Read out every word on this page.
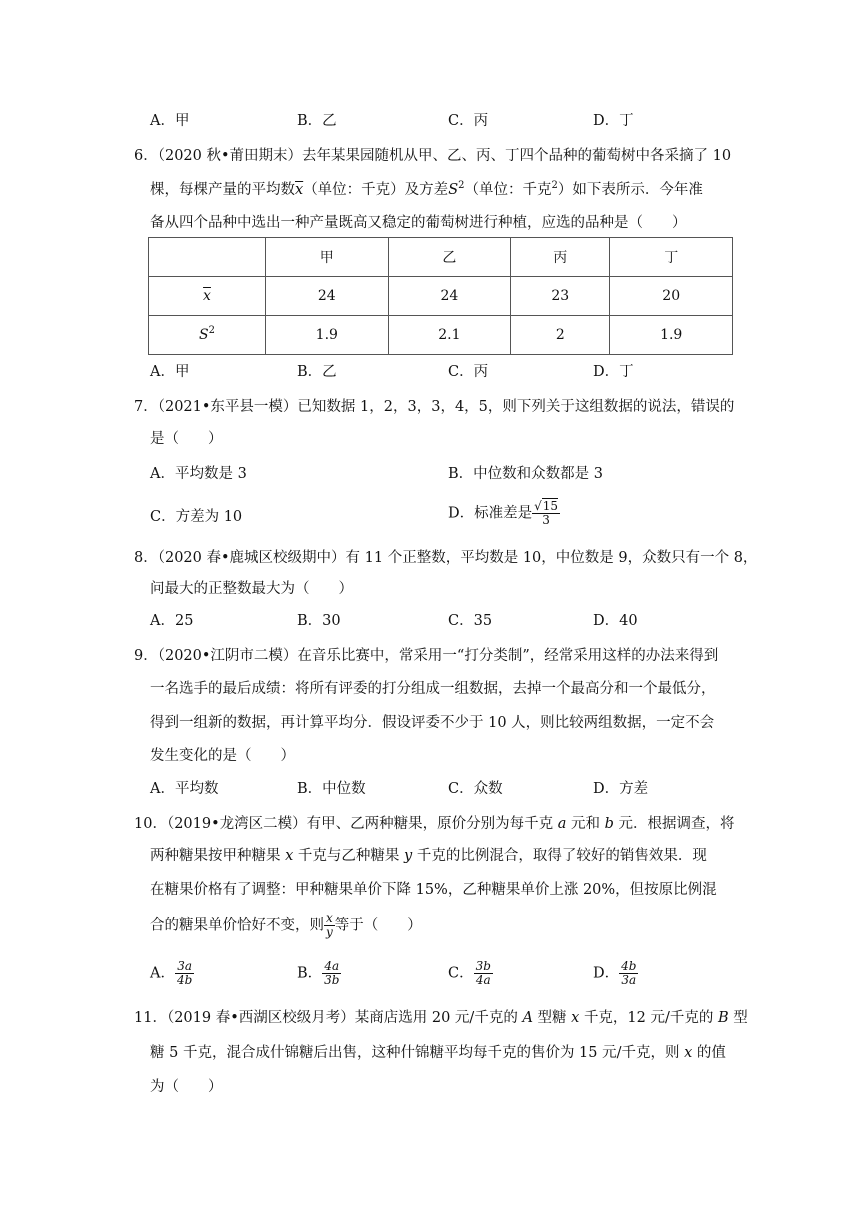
A．甲	B．乙	C．丙	D．丁
6．（2020 秋•莆田期末）去年某果园随机从甲、乙、丙、丁四个品种的葡萄树中各采摘了 10
棵，每棵产量的平均数$\overline{x}$（单位：千克）及方差$S^2$（单位：千克$^2$）如下表所示．今年准
备从四个品种中选出一种产量既高又稳定的葡萄树进行种植，应选的品种是（　　）
	甲	乙	丙	丁
$\overline{x}$	24	24	23	20
$S^2$	1.9	2.1	2	1.9
A．甲	B．乙	C．丙	D．丁
7．（2021•东平县一模）已知数据 1，2，3，3，4，5，则下列关于这组数据的说法，错误的
是（　　）
A．平均数是 3	B．中位数和众数都是 3
C．方差为 10	D．标准差是 $\frac{√15}{3}$
8．（2020 春•鹿城区校级期中）有 11 个正整数，平均数是 10，中位数是 9，众数只有一个 8，
问最大的正整数最大为（　　）
A．25	B．30	C．35	D．40
9．（2020•江阴市二模）在音乐比赛中，常采用一“打分类制”，经常采用这样的办法来得到
一名选手的最后成绩：将所有评委的打分组成一组数据，去掉一个最高分和一个最低分，
得到一组新的数据，再计算平均分．假设评委不少于 10 人，则比较两组数据，一定不会
发生变化的是（　　）
A．平均数	B．中位数	C．众数	D．方差
10．（2019•龙湾区二模）有甲、乙两种糖果，原价分别为每千克 a 元和 b 元．根据调查，将
两种糖果按甲种糖果 x 千克与乙种糖果 y 千克的比例混合，取得了较好的销售效果．现
在糖果价格有了调整：甲种糖果单价下降 15%，乙种糖果单价上涨 20%，但按原比例混
合的糖果单价恰好不变，则 $\frac{x}{y}$ 等于（　　）
A． $\frac{3a}{4b}$	B． $\frac{4a}{3b}$	C． $\frac{3b}{4a}$	D． $\frac{4b}{3a}$
11．（2019 春•西湖区校级月考）某商店选用 20 元/千克的 A 型糖 x 千克，12 元/千克的 B 型
糖 5 千克，混合成什锦糖后出售，这种什锦糖平均每千克的售价为 15 元/千克，则 x 的值
为（　　）
